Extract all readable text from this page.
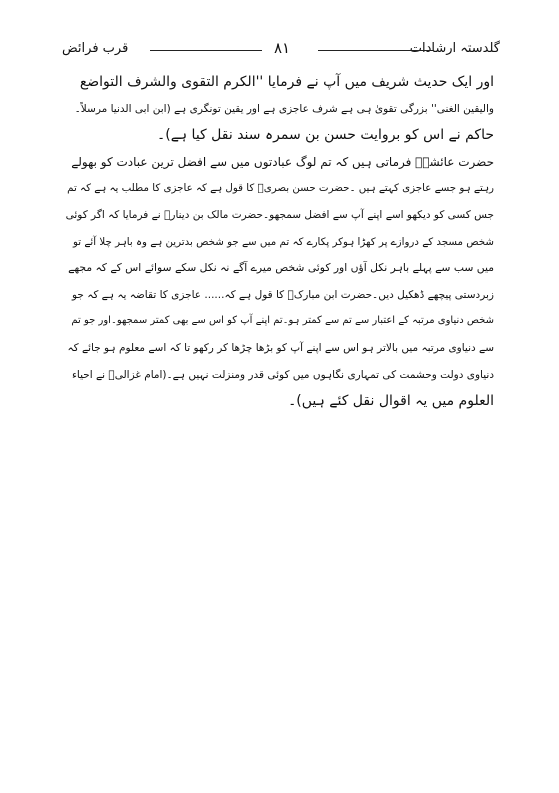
گلدستہ ارشادات
۸۱
قرب فرائض
اور ایک حدیث شریف میں آپ نے فرمایا ''الکرم التقوی والشرف التواضع
والیقین الغنی'' بزرگی تقویٰ ہی ہے شرف عاجزی ہے اور یقین تونگری ہے (ابن ابی الدنیا مرسلاً۔
حاکم نے اس کو بروایت حسن بن سمرہ سند نقل کیا ہے)۔
حضرت عائشہؓ فرماتی ہیں کہ تم لوگ عبادتوں میں سے افضل ترین عبادت کو بھولے
رہتے ہو جسے عاجزی کہتے ہیں ۔حضرت حسن بصریؒ کا قول ہے کہ عاجزی کا مطلب یہ ہے کہ تم
جس کسی کو دیکھو اسے اپنے آپ سے افضل سمجھو۔حضرت مالک بن دینارؒ نے فرمایا کہ اگر کوئی
شخص مسجد کے دروازے پر کھڑا ہوکر پکارے کہ تم میں سے جو شخص بدترین ہے وہ باہر چلا آئے تو
میں سب سے پہلے باہر نکل آؤں اور کوئی شخص میرے آگے نہ نکل سکے سوائے اس کے کہ مجھے
زبردستی پیچھے ڈھکیل دیں۔حضرت ابن مبارکؒ کا قول ہے کہ...... عاجزی کا تقاضہ یہ ہے کہ جو
شخص دنیاوی مرتبہ کے اعتبار سے تم سے کمتر ہو۔تم اپنے آپ کو اس سے بھی کمتر سمجھو۔اور جو تم
سے دنیاوی مرتبہ میں بالاتر ہو اس سے اپنے آپ کو بڑھا چڑھا کر رکھو تا کہ اسے معلوم ہو جائے کہ
دنیاوی دولت وحشمت کی تمہاری نگاہوں میں کوئی قدر ومنزلت نہیں ہے۔(امام غزالیؒ نے احیاء
العلوم میں یہ اقوال نقل کئے ہیں)۔
